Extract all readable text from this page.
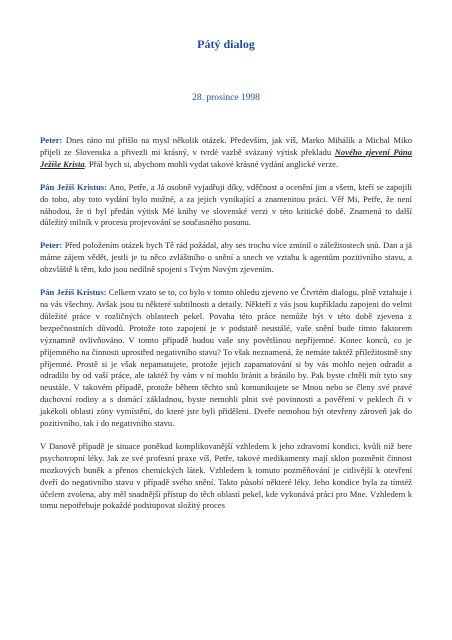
Pátý dialog
28. prosince 1998

Peter: Dnes ráno mi přišlo na mysl několik otázek. Především, jak víš, Marko Mihálik a Michal Miko přijeli ze Slovenska a přivezli mi krásný, v tvrdé vazbě svázaný výtisk překladu Nového zjevení Pána Ježíše Krista. Přál bych si, abychom mohli vydat takové krásné vydání anglické verze.

Pán Ježíš Kristus: Ano, Petře, a Já osobně vyjadřuji díky, vděčnost a ocenění jim a všem, kteří se zapojili do toho, aby toto vydání bylo možné, a za jejich vynikající a znamenitou práci. Věř Mi, Petře, že není náhodou, že ti byl předán výtisk Mé knihy ve slovenské verzi v této kritické době. Znamená to další důležitý milník v procesu projevování se současného posunu.

Peter: Před položením otázek bych Tě rád požádal, aby ses trochu více zmínil o záležitostech snů. Dan a já máme zájem vědět, jestli je tu něco zvláštního o snění a snech ve vztahu k agentům pozitivního stavu, a obzvláště k těm, kdo jsou nedílně spojeni s Tvým Novým zjevením.

Pán Ježíš Kristus: Celkem vzato se to, co bylo v tomto ohledu zjeveno ve Čtvrtém dialogu, plně vztahuje i na vás všechny. Avšak jsou tu některé subtilnosti a detaily. Někteří z vás jsou kupříkladu zapojeni do velmi důležité práce v rozličných oblastech pekel. Povaha této práce nemůže být v této době zjevena z bezpečnostních důvodů. Protože toto zapojení je v podstatě neustálé, vaše snění bude tímto faktorem významně ovlivňováno. V tomto případě budou vaše sny povětšinou nepříjemné. Konec konců, co je příjemného na činnosti uprostřed negativního stavu? To však neznamená, že nemáte taktéž příležitostně sny příjemné. Prostě si je však nepamatujete, protože jejich zapamatování si by vás mohlo nejen odradit a odradilo by od vaší práce, ale taktéž by vám v ní mohlo bránit a bránilo by. Pak byste chtěli mít tyto sny neustále. V takovém případě, protože během těchto snů komunikujete se Mnou nebo se členy své pravé duchovní rodiny a s domácí základnou, byste nemohli plnit své povinnosti a pověření v peklech či v jakékoli oblasti zóny vymístění, do které jste byli přiděleni. Dveře nemohou být otevřeny zároveň jak do pozitivního, tak i do negativního stavu.

V Danově případě je situace poněkud komplikovanější vzhledem k jeho zdravotní kondici, kvůli níž bere psychotropní léky. Jak ze své profesní praxe víš, Petře, takové medikamenty mají sklon pozměnit činnost mozkových buněk a přenos chemických látek. Vzhledem k tomuto pozměňování je citlivější k otevření dveří do negativního stavu v případě svého snění. Takto působí některé léky. Jeho kondice byla za tímtéž účelem zvolena, aby měl snadnější přístup do těch oblastí pekel, kde vykonává práci pro Mne. Vzhledem k tomu nepotřebuje pokaždé podstupovat složitý proces
